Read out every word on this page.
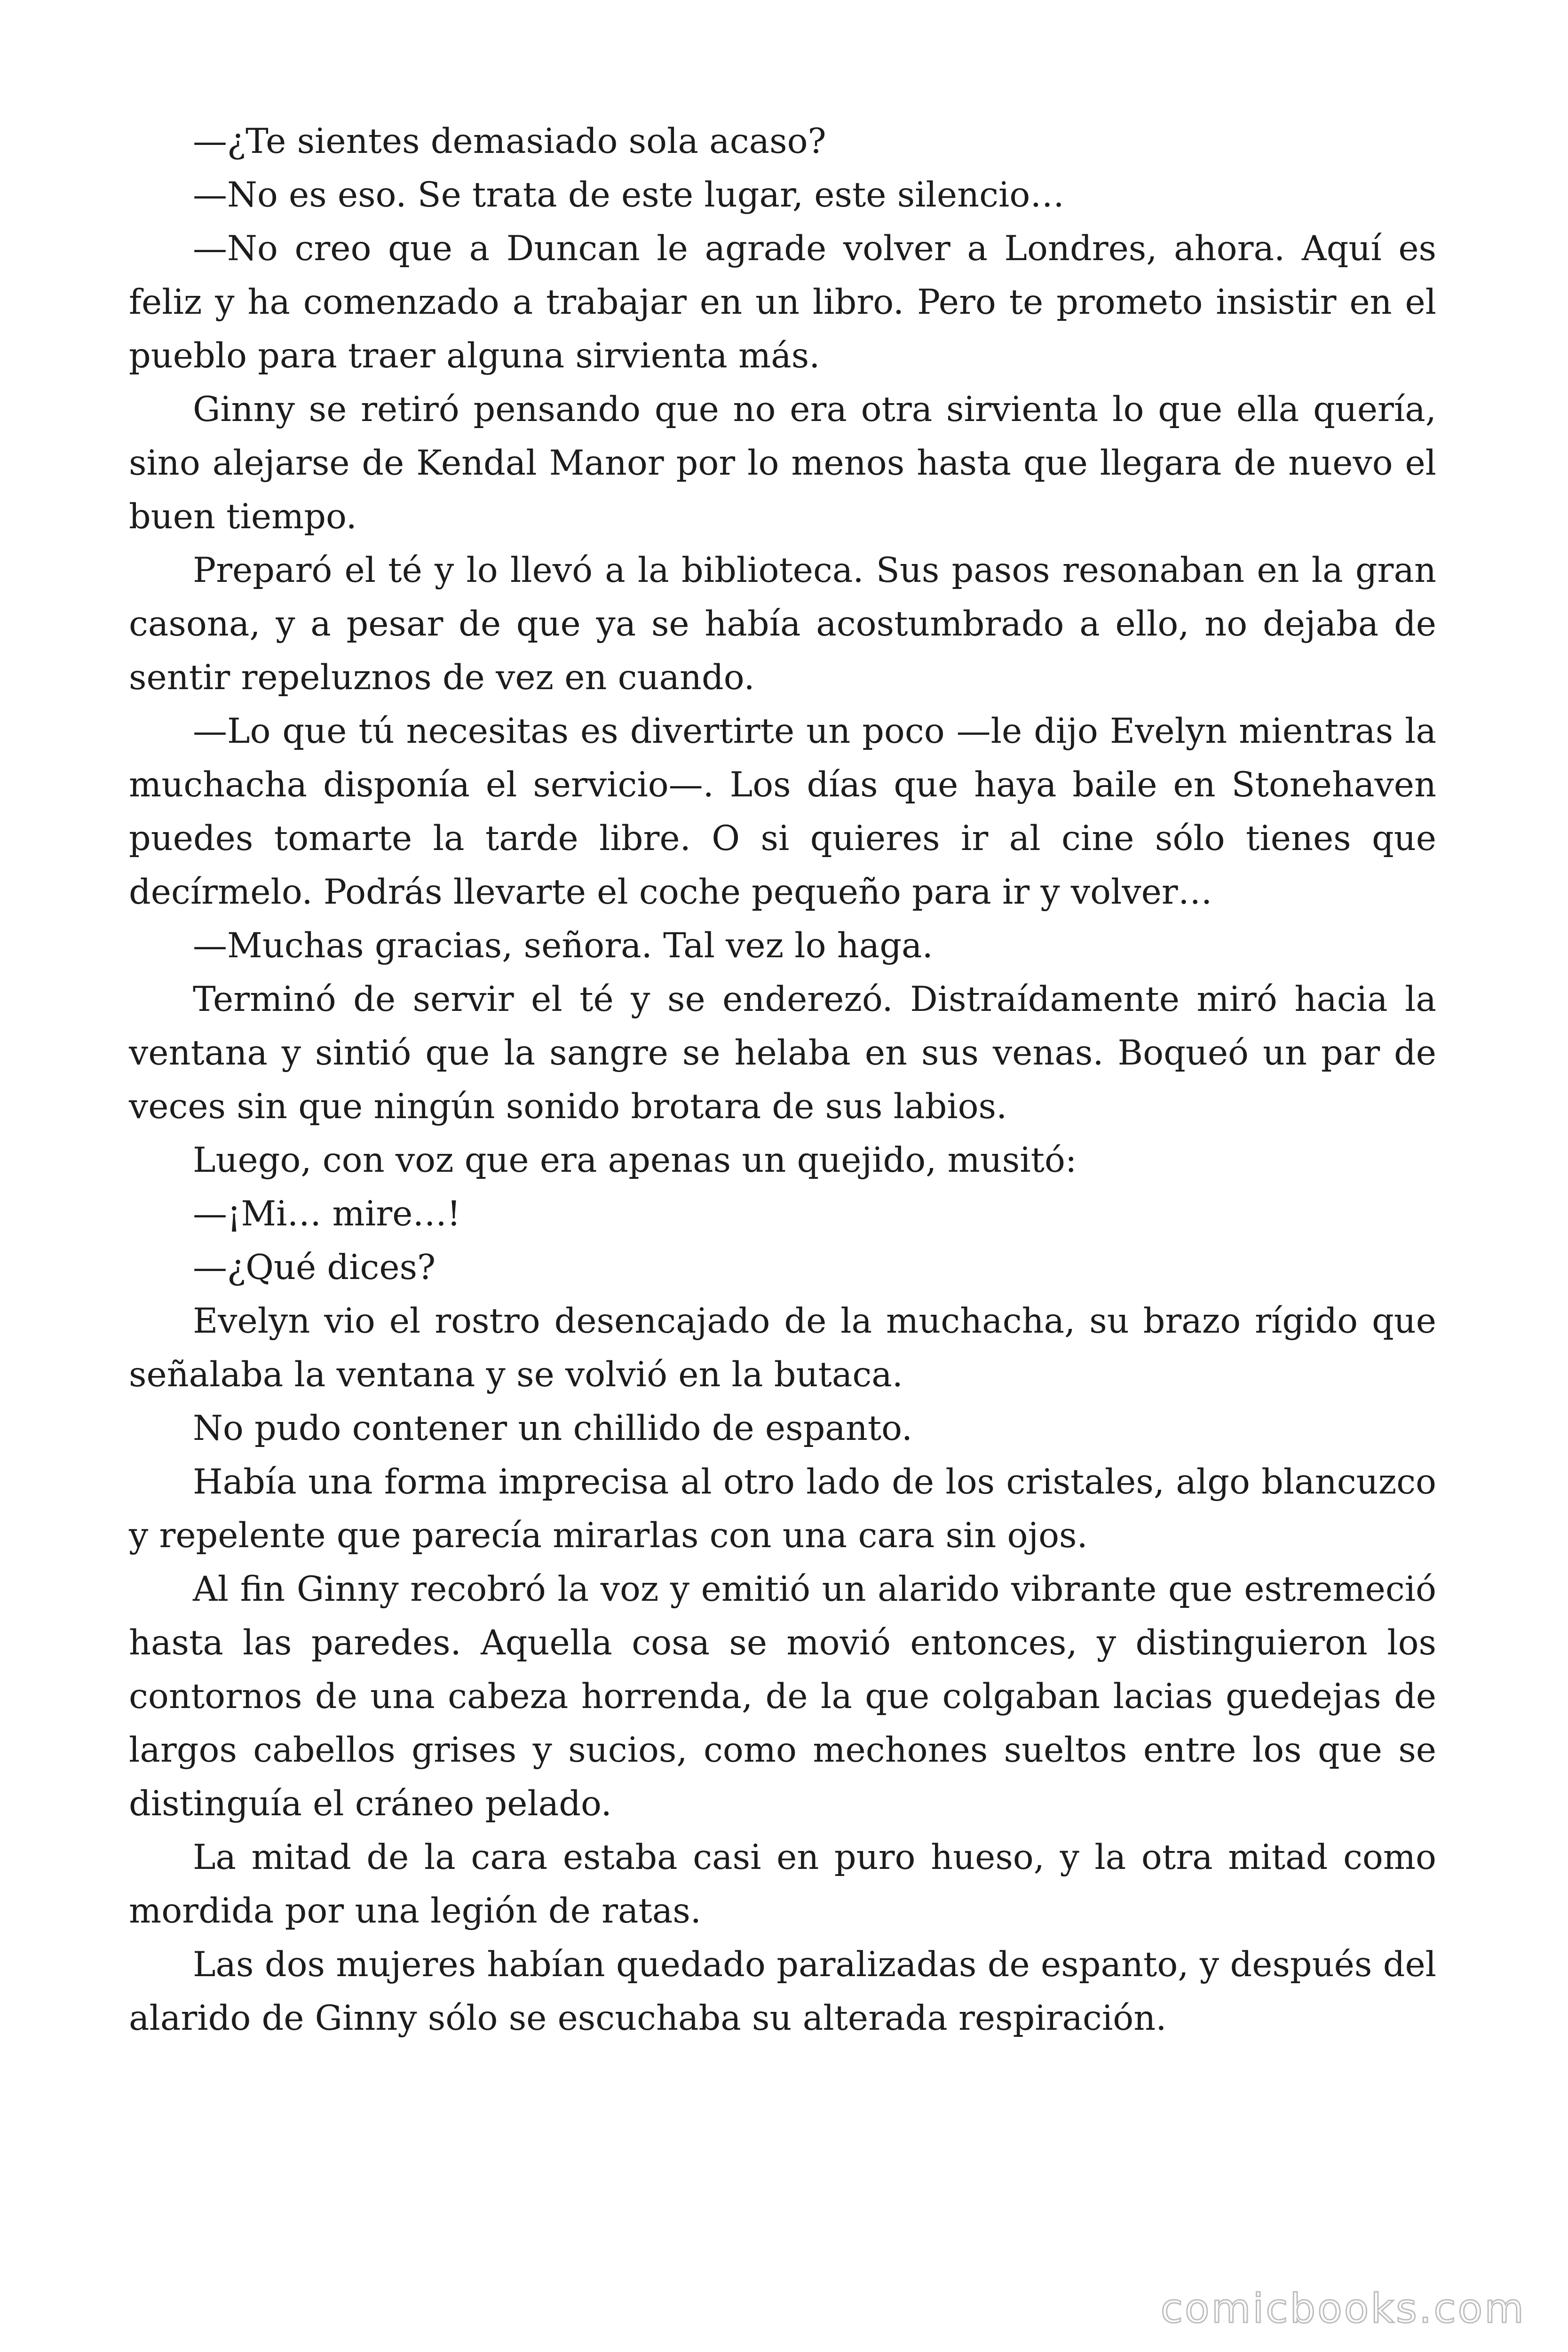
—¿Te sientes demasiado sola acaso?

—No es eso. Se trata de este lugar, este silencio…

—No creo que a Duncan le agrade volver a Londres, ahora. Aquí es feliz y ha comenzado a trabajar en un libro. Pero te prometo insistir en el pueblo para traer alguna sirvienta más.

Ginny se retiró pensando que no era otra sirvienta lo que ella quería, sino alejarse de Kendal Manor por lo menos hasta que llegara de nuevo el buen tiempo.

Preparó el té y lo llevó a la biblioteca. Sus pasos resonaban en la gran casona, y a pesar de que ya se había acostumbrado a ello, no dejaba de sentir repeluznos de vez en cuando.

—Lo que tú necesitas es divertirte un poco —le dijo Evelyn mientras la muchacha disponía el servicio—. Los días que haya baile en Stonehaven puedes tomarte la tarde libre. O si quieres ir al cine sólo tienes que decírmelo. Podrás llevarte el coche pequeño para ir y volver…

—Muchas gracias, señora. Tal vez lo haga.

Terminó de servir el té y se enderezó. Distraídamente miró hacia la ventana y sintió que la sangre se helaba en sus venas. Boqueó un par de veces sin que ningún sonido brotara de sus labios.

Luego, con voz que era apenas un quejido, musitó:

—¡Mi… mire…!

—¿Qué dices?

Evelyn vio el rostro desencajado de la muchacha, su brazo rígido que señalaba la ventana y se volvió en la butaca.

No pudo contener un chillido de espanto.

Había una forma imprecisa al otro lado de los cristales, algo blancuzco y repelente que parecía mirarlas con una cara sin ojos.

Al fin Ginny recobró la voz y emitió un alarido vibrante que estremeció hasta las paredes. Aquella cosa se movió entonces, y distinguieron los contornos de una cabeza horrenda, de la que colgaban lacias guedejas de largos cabellos grises y sucios, como mechones sueltos entre los que se distinguía el cráneo pelado.

La mitad de la cara estaba casi en puro hueso, y la otra mitad como mordida por una legión de ratas.

Las dos mujeres habían quedado paralizadas de espanto, y después del alarido de Ginny sólo se escuchaba su alterada respiración.

comicbooks.com
